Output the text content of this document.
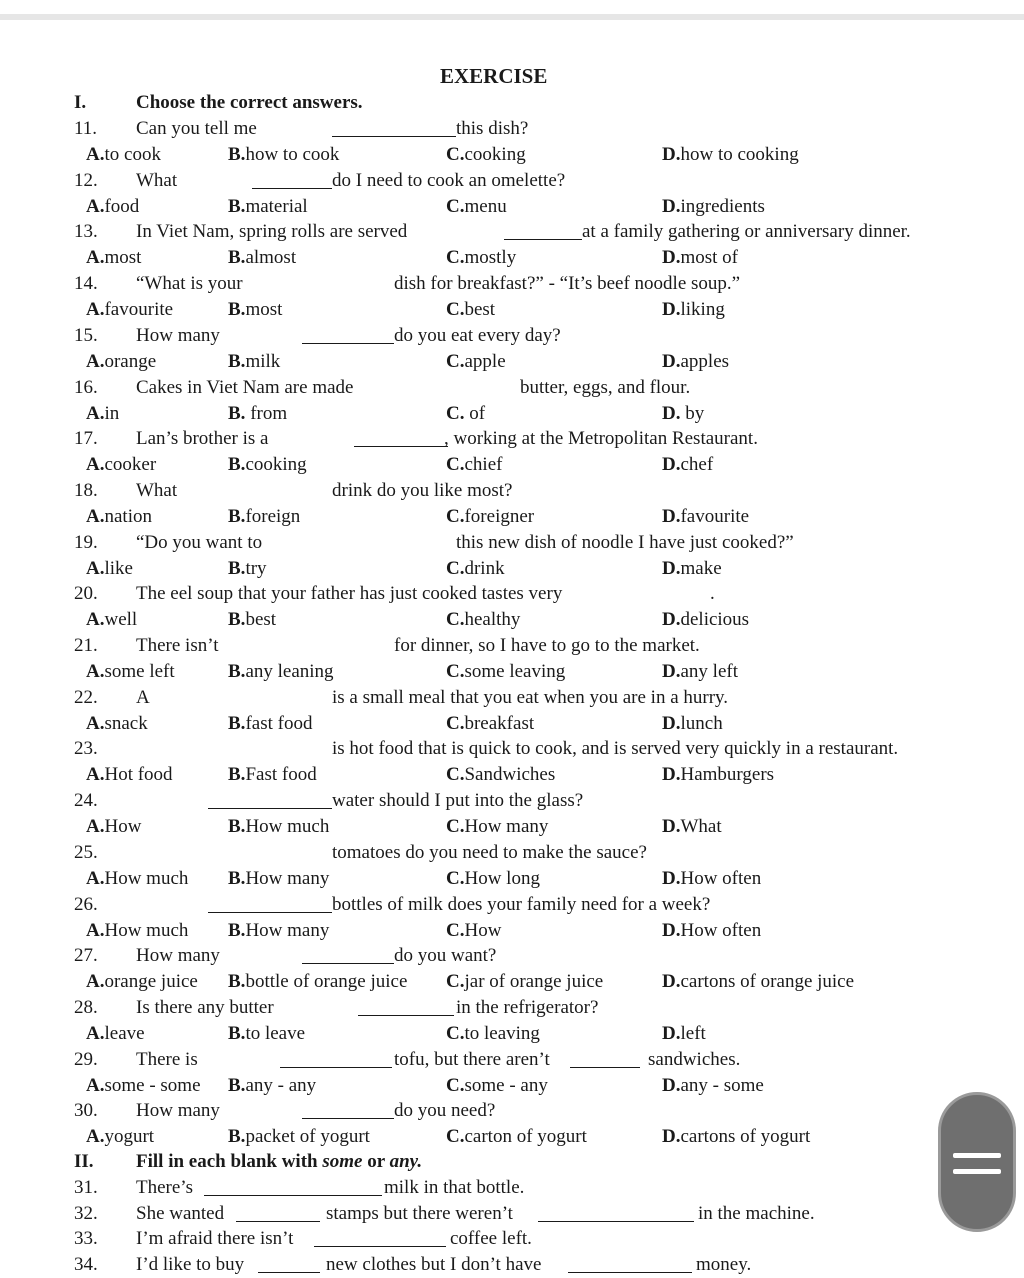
EXERCISE
I.	Choose the correct answers.
11. Can you tell me	this dish?
A.to cook	B.how to cook	C.cooking	D.how to cooking
12. What	do I need to cook an omelette?
A.food	B.material	C.menu	D.ingredients
13. In Viet Nam, spring rolls are served	at a family gathering or anniversary dinner.
A.most	B.almost	C.mostly	D.most of
14. “What is your	dish for breakfast?” - “It’s beef noodle soup.”
A.favourite	B.most	C.best	D.liking
15. How many	do you eat every day?
A.orange	B.milk	C.apple	D.apples
16. Cakes in Viet Nam are made	butter, eggs, and flour.
A.in	B. from	C. of	D. by
17. Lan’s brother is a	, working at the Metropolitan Restaurant.
A.cooker	B.cooking	C.chief	D.chef
18. What	drink do you like most?
A.nation	B.foreign	C.foreigner	D.favourite
19. “Do you want to	this new dish of noodle I have just cooked?”
A.like	B.try	C.drink	D.make
20. The eel soup that your father has just cooked tastes very	.
A.well	B.best	C.healthy	D.delicious
21. There isn’t	for dinner, so I have to go to the market.
A.some left	B.any leaning	C.some leaving	D.any left
22. A	is a small meal that you eat when you are in a hurry.
A.snack	B.fast food	C.breakfast	D.lunch
23.	is hot food that is quick to cook, and is served very quickly in a restaurant.
A.Hot food	B.Fast food	C.Sandwiches	D.Hamburgers
24.	water should I put into the glass?
A.How	B.How much	C.How many	D.What
25.	tomatoes do you need to make the sauce?
A.How much B.How many	C.How long	D.How often
26.	bottles of milk does your family need for a week?
A.How much B.How many	C.How	D.How often
27. How many	do you want?
A.orange juice B.bottle of orange juice C.jar of orange juice	D.cartons of orange juice
28. Is there any butter	in the refrigerator?
A.leave	B.to leave	C.to leaving	D.left
29. There is	tofu, but there aren’t	sandwiches.
A.some - some B.any - any	C.some - any	D.any - some
30. How many	do you need?
A.yogurt	B.packet of yogurt	C.carton of yogurt	D.cartons of yogurt
II. Fill in each blank with some or any.
31. There’s	milk in that bottle.
32. She wanted	stamps but there weren’t	in the machine.
33. I’m afraid there isn’t	coffee left.
34. I’d like to buy	new clothes but I don’t have	money.
